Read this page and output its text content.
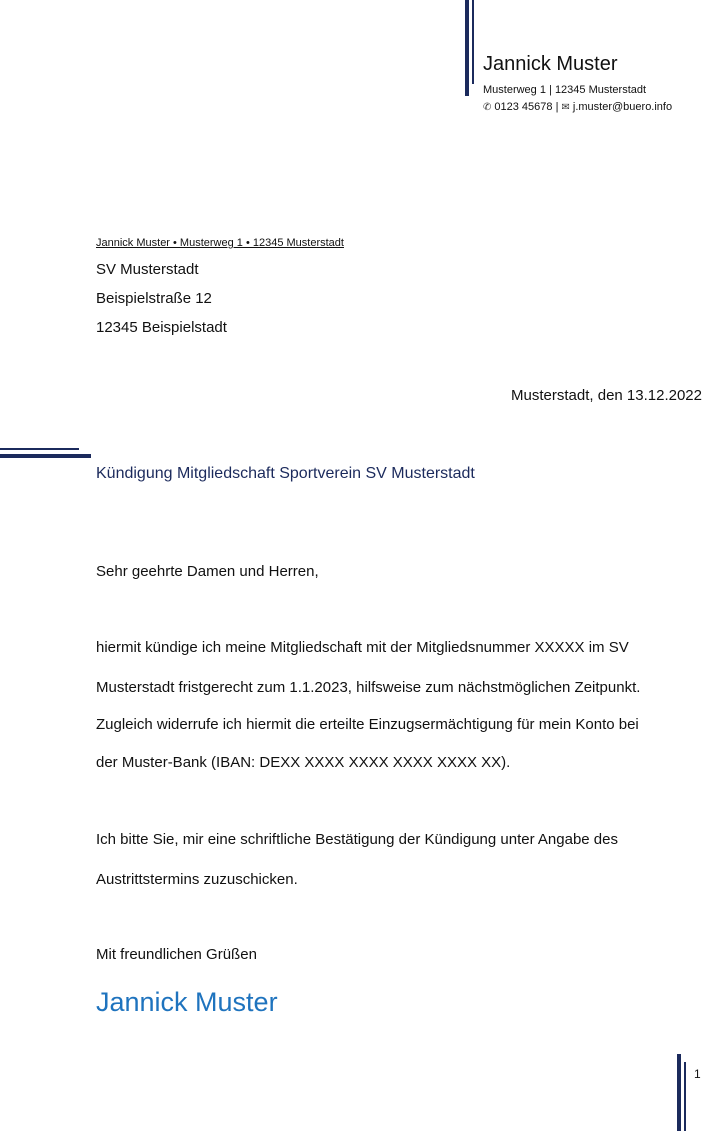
Jannick Muster
Musterweg 1 | 12345 Musterstadt
✆ 0123 45678 | ✉ j.muster@buero.info
Jannick Muster • Musterweg 1 • 12345 Musterstadt
SV Musterstadt
Beispielstraße 12
12345 Beispielstadt
Musterstadt, den 13.12.2022
Kündigung Mitgliedschaft Sportverein SV Musterstadt
Sehr geehrte Damen und Herren,
hiermit kündige ich meine Mitgliedschaft mit der Mitgliedsnummer XXXXX im SV
Musterstadt fristgerecht zum 1.1.2023, hilfsweise zum nächstmöglichen Zeitpunkt.
Zugleich widerrufe ich hiermit die erteilte Einzugsermächtigung für mein Konto bei
der Muster-Bank (IBAN: DEXX XXXX XXXX XXXX XXXX XX).
Ich bitte Sie, mir eine schriftliche Bestätigung der Kündigung unter Angabe des
Austrittstermins zuzuschicken.
Mit freundlichen Grüßen
Jannick Muster
1
